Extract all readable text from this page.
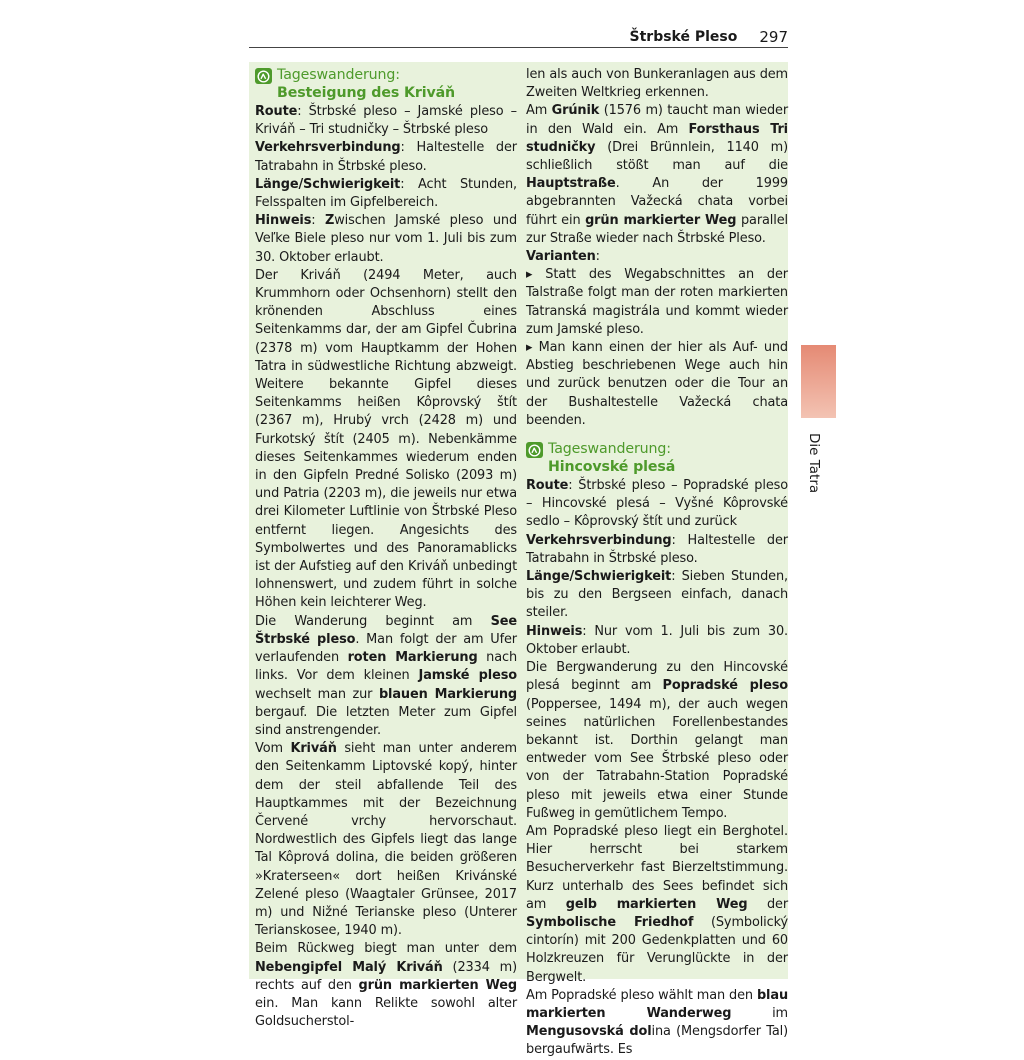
Štrbské Pleso 297
Tageswanderung:
Besteigung des Kriváň

Route: Štrbské pleso – Jamské pleso – Kriváň – Tri studničky – Štrbské pleso

Verkehrsverbindung: Haltestelle der Tatrabahn in Štrbské pleso.

Länge/Schwierigkeit: Acht Stunden, Felsspalten im Gipfelbereich.

Hinweis: Zwischen Jamské pleso und Veľke Biele pleso nur vom 1. Juli bis zum 30. Oktober erlaubt.

Der Kriváň (2494 Meter, auch Krummhorn oder Ochsenhorn) stellt den krönenden Abschluss eines Seitenkamms dar, der am Gipfel Čubrina (2378 m) vom Hauptkamm der Hohen Tatra in südwestliche Richtung abzweigt. Weitere bekannte Gipfel dieses Seitenkamms heißen Kôprovský štít (2367 m), Hrubý vrch (2428 m) und Furkotský štít (2405 m). Nebenkämme dieses Seitenkammes wiederum enden in den Gipfeln Predné Solisko (2093 m) und Patria (2203 m), die jeweils nur etwa drei Kilometer Luftlinie von Štrbské Pleso entfernt liegen. Angesichts des Symbolwertes und des Panoramablicks ist der Aufstieg auf den Kriváň unbedingt lohnenswert, und zudem führt in solche Höhen kein leichterer Weg.

Die Wanderung beginnt am See Štrbské pleso. Man folgt der am Ufer verlaufenden roten Markierung nach links. Vor dem kleinen Jamské pleso wechselt man zur blauen Markierung bergauf. Die letzten Meter zum Gipfel sind anstrengender.

Vom Kriváň sieht man unter anderem den Seitenkamm Liptovské kopý, hinter dem der steil abfallende Teil des Hauptkammes mit der Bezeichnung Červené vrchy hervorschaut. Nordwestlich des Gipfels liegt das lange Tal Kôprová dolina, die beiden größeren »Kraterseen« dort heißen Krivánské Zelené pleso (Waagtaler Grünsee, 2017 m) und Nižné Terianske pleso (Unterer Terianskosee, 1940 m).

Beim Rückweg biegt man unter dem Nebengipfel Malý Kriváň (2334 m) rechts auf den grün markierten Weg ein. Man kann Relikte sowohl alter Goldsucherstol-

len als auch von Bunkeranlagen aus dem Zweiten Weltkrieg erkennen.

Am Grúnik (1576 m) taucht man wieder in den Wald ein. Am Forsthaus Tri studničky (Drei Brünnlein, 1140 m) schließlich stößt man auf die Hauptstraße. An der 1999 abgebrannten Važecká chata vorbei führt ein grün markierter Weg parallel zur Straße wieder nach Štrbské Pleso.

Varianten:

▸ Statt des Wegabschnittes an der Talstraße folgt man der roten markierten Tatranská magistrála und kommt wieder zum Jamské pleso.

▸ Man kann einen der hier als Auf- und Abstieg beschriebenen Wege auch hin und zurück benutzen oder die Tour an der Bushaltestelle Važecká chata beenden.

Tageswanderung:
Hincovské plesá

Route: Štrbské pleso – Popradské pleso – Hincovské plesá – Vyšné Kôprovské sedlo – Kôprovský štít und zurück

Verkehrsverbindung: Haltestelle der Tatrabahn in Štrbské pleso.

Länge/Schwierigkeit: Sieben Stunden, bis zu den Bergseen einfach, danach steiler.

Hinweis: Nur vom 1. Juli bis zum 30. Oktober erlaubt.

Die Bergwanderung zu den Hincovské plesá beginnt am Popradské pleso (Poppersee, 1494 m), der auch wegen seines natürlichen Forellenbestandes bekannt ist. Dorthin gelangt man entweder vom See Štrbské pleso oder von der Tatrabahn-Station Popradské pleso mit jeweils etwa einer Stunde Fußweg in gemütlichem Tempo.

Am Popradské pleso liegt ein Berghotel. Hier herrscht bei starkem Besucherverkehr fast Bierzeltstimmung. Kurz unterhalb des Sees befindet sich am gelb markierten Weg der Symbolische Friedhof (Symbolický cintorín) mit 200 Gedenkplatten und 60 Holzkreuzen für Verunglückte in der Bergwelt.

Am Popradské pleso wählt man den blau markierten Wanderweg im Mengusovská dolina (Mengsdorfer Tal) bergaufwärts. Es

Die Tatra
